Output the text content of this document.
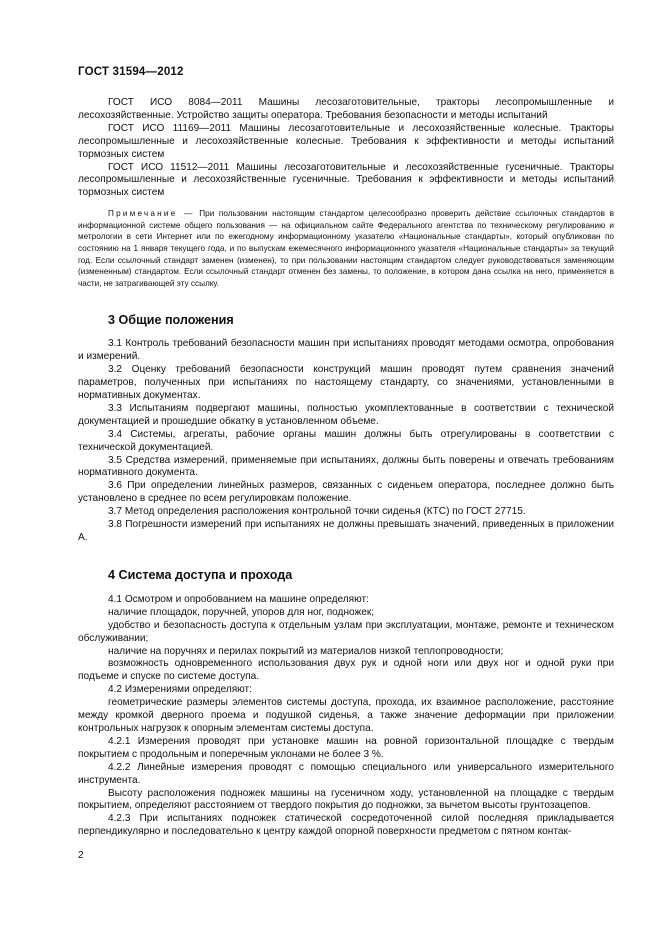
ГОСТ 31594—2012

ГОСТ ИСО 8084—2011 Машины лесозаготовительные, тракторы лесопромышленные и лесохозяйственные. Устройство защиты оператора. Требования безопасности и методы испытаний

ГОСТ ИСО 11169—2011 Машины лесозаготовительные и лесохозяйственные колесные. Тракторы лесопромышленные и лесохозяйственные колесные. Требования к эффективности и методы испытаний тормозных систем

ГОСТ ИСО 11512—2011 Машины лесозаготовительные и лесохозяйственные гусеничные. Тракторы лесопромышленные и лесохозяйственные гусеничные. Требования к эффективности и методы испытаний тормозных систем

Примечание — При пользовании настоящим стандартом целесообразно проверить действие ссылочных стандартов в информационной системе общего пользования — на официальном сайте Федерального агентства по техническому регулированию и метрологии в сети Интернет или по ежегодному информационному указателю «Национальные стандарты», который опубликован по состоянию на 1 января текущего года, и по выпускам ежемесячного информационного указателя «Национальные стандарты» за текущий год. Если ссылочный стандарт заменен (изменен), то при пользовании настоящим стандартом следует руководствоваться заменяющим (измененным) стандартом. Если ссылочный стандарт отменен без замены, то положение, в котором дана ссылка на него, применяется в части, не затрагивающей эту ссылку.

3 Общие положения

3.1 Контроль требований безопасности машин при испытаниях проводят методами осмотра, опробования и измерений.

3.2 Оценку требований безопасности конструкций машин проводят путем сравнения значений параметров, полученных при испытаниях по настоящему стандарту, со значениями, установленными в нормативных документах.

3.3 Испытаниям подвергают машины, полностью укомплектованные в соответствии с технической документацией и прошедшие обкатку в установленном объеме.

3.4 Системы, агрегаты, рабочие органы машин должны быть отрегулированы в соответствии с технической документацией.

3.5 Средства измерений, применяемые при испытаниях, должны быть поверены и отвечать требованиям нормативного документа.

3.6 При определении линейных размеров, связанных с сиденьем оператора, последнее должно быть установлено в среднее по всем регулировкам положение.

3.7 Метод определения расположения контрольной точки сиденья (КТС) по ГОСТ 27715.

3.8 Погрешности измерений при испытаниях не должны превышать значений, приведенных в приложении А.

4 Система доступа и прохода

4.1 Осмотром и опробованием на машине определяют:

наличие площадок, поручней, упоров для ног, подножек;

удобство и безопасность доступа к отдельным узлам при эксплуатации, монтаже, ремонте и техническом обслуживании;

наличие на поручнях и перилах покрытий из материалов низкой теплопроводности;

возможность одновременного использования двух рук и одной ноги или двух ног и одной руки при подъеме и спуске по системе доступа.

4.2 Измерениями определяют:

геометрические размеры элементов системы доступа, прохода, их взаимное расположение, расстояние между кромкой дверного проема и подушкой сиденья, а также значение деформации при приложении контрольных нагрузок к опорным элементам системы доступа.

4.2.1 Измерения проводят при установке машин на ровной горизонтальной площадке с твердым покрытием с продольным и поперечным уклонами не более 3 %.

4.2.2 Линейные измерения проводят с помощью специального или универсального измерительного инструмента.

Высоту расположения подножек машины на гусеничном ходу, установленной на площадке с твердым покрытием, определяют расстоянием от твердого покрытия до подножки, за вычетом высоты грунтозацепов.

4.2.3 При испытаниях подножек статической сосредоточенной силой последняя прикладывается перпендикулярно и последовательно к центру каждой опорной поверхности предметом с пятном контак-

2
